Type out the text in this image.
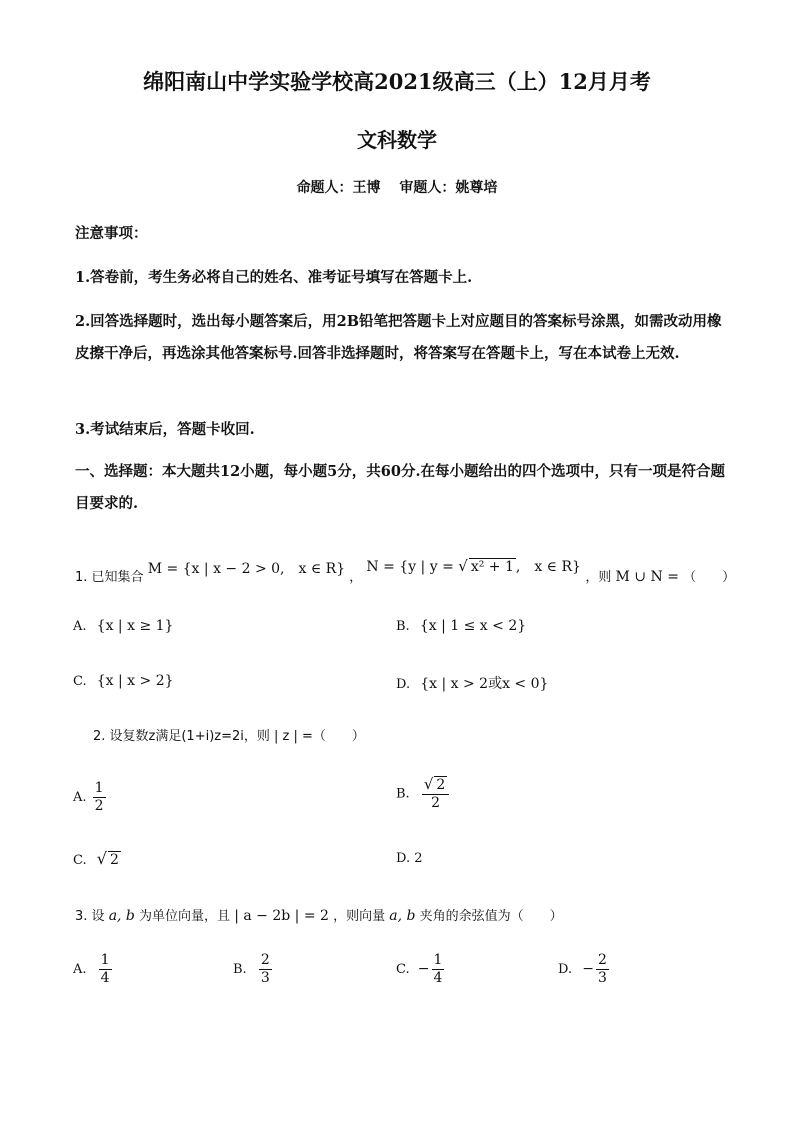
绵阳南山中学实验学校高2021级高三（上）12月月考
文科数学
命题人：王博　 审题人：姚尊培
注意事项：
1.答卷前，考生务必将自己的姓名、准考证号填写在答题卡上.
2.回答选择题时，选出每小题答案后，用2B铅笔把答题卡上对应题目的答案标号涂黑，如需改动用橡皮擦干净后，再选涂其他答案标号.回答非选择题时，将答案写在答题卡上，写在本试卷上无效.
3.考试结束后，答题卡收回.
一、选择题：本大题共12小题，每小题5分，共60分.在每小题给出的四个选项中，只有一项是符合题目要求的.
1. 已知集合 M = {x | x − 2 > 0,　x ∈ R} ， N = {y | y = √ x² + 1 ,　x ∈ R} ，则 M ∪ N = （　　）
A. {x | x ≥ 1}	B. {x | 1 ≤ x < 2}
C. {x | x > 2}	D. {x | x > 2或x < 0}
2. 设复数z满足(1+i)z=2i，则 | z | =（　　）
A. $\frac{1}{2}$	B. $\frac{√ 2}{2}$
C. √ 2	D. 2
3. 设 a, b 为单位向量，且 | a − 2b | = 2 ，则向量 a, b 夹角的余弦值为（　　）
A. $\frac{1}{4}$	B. $\frac{2}{3}$	C. − $\frac{1}{4}$	D. − $\frac{2}{3}$
